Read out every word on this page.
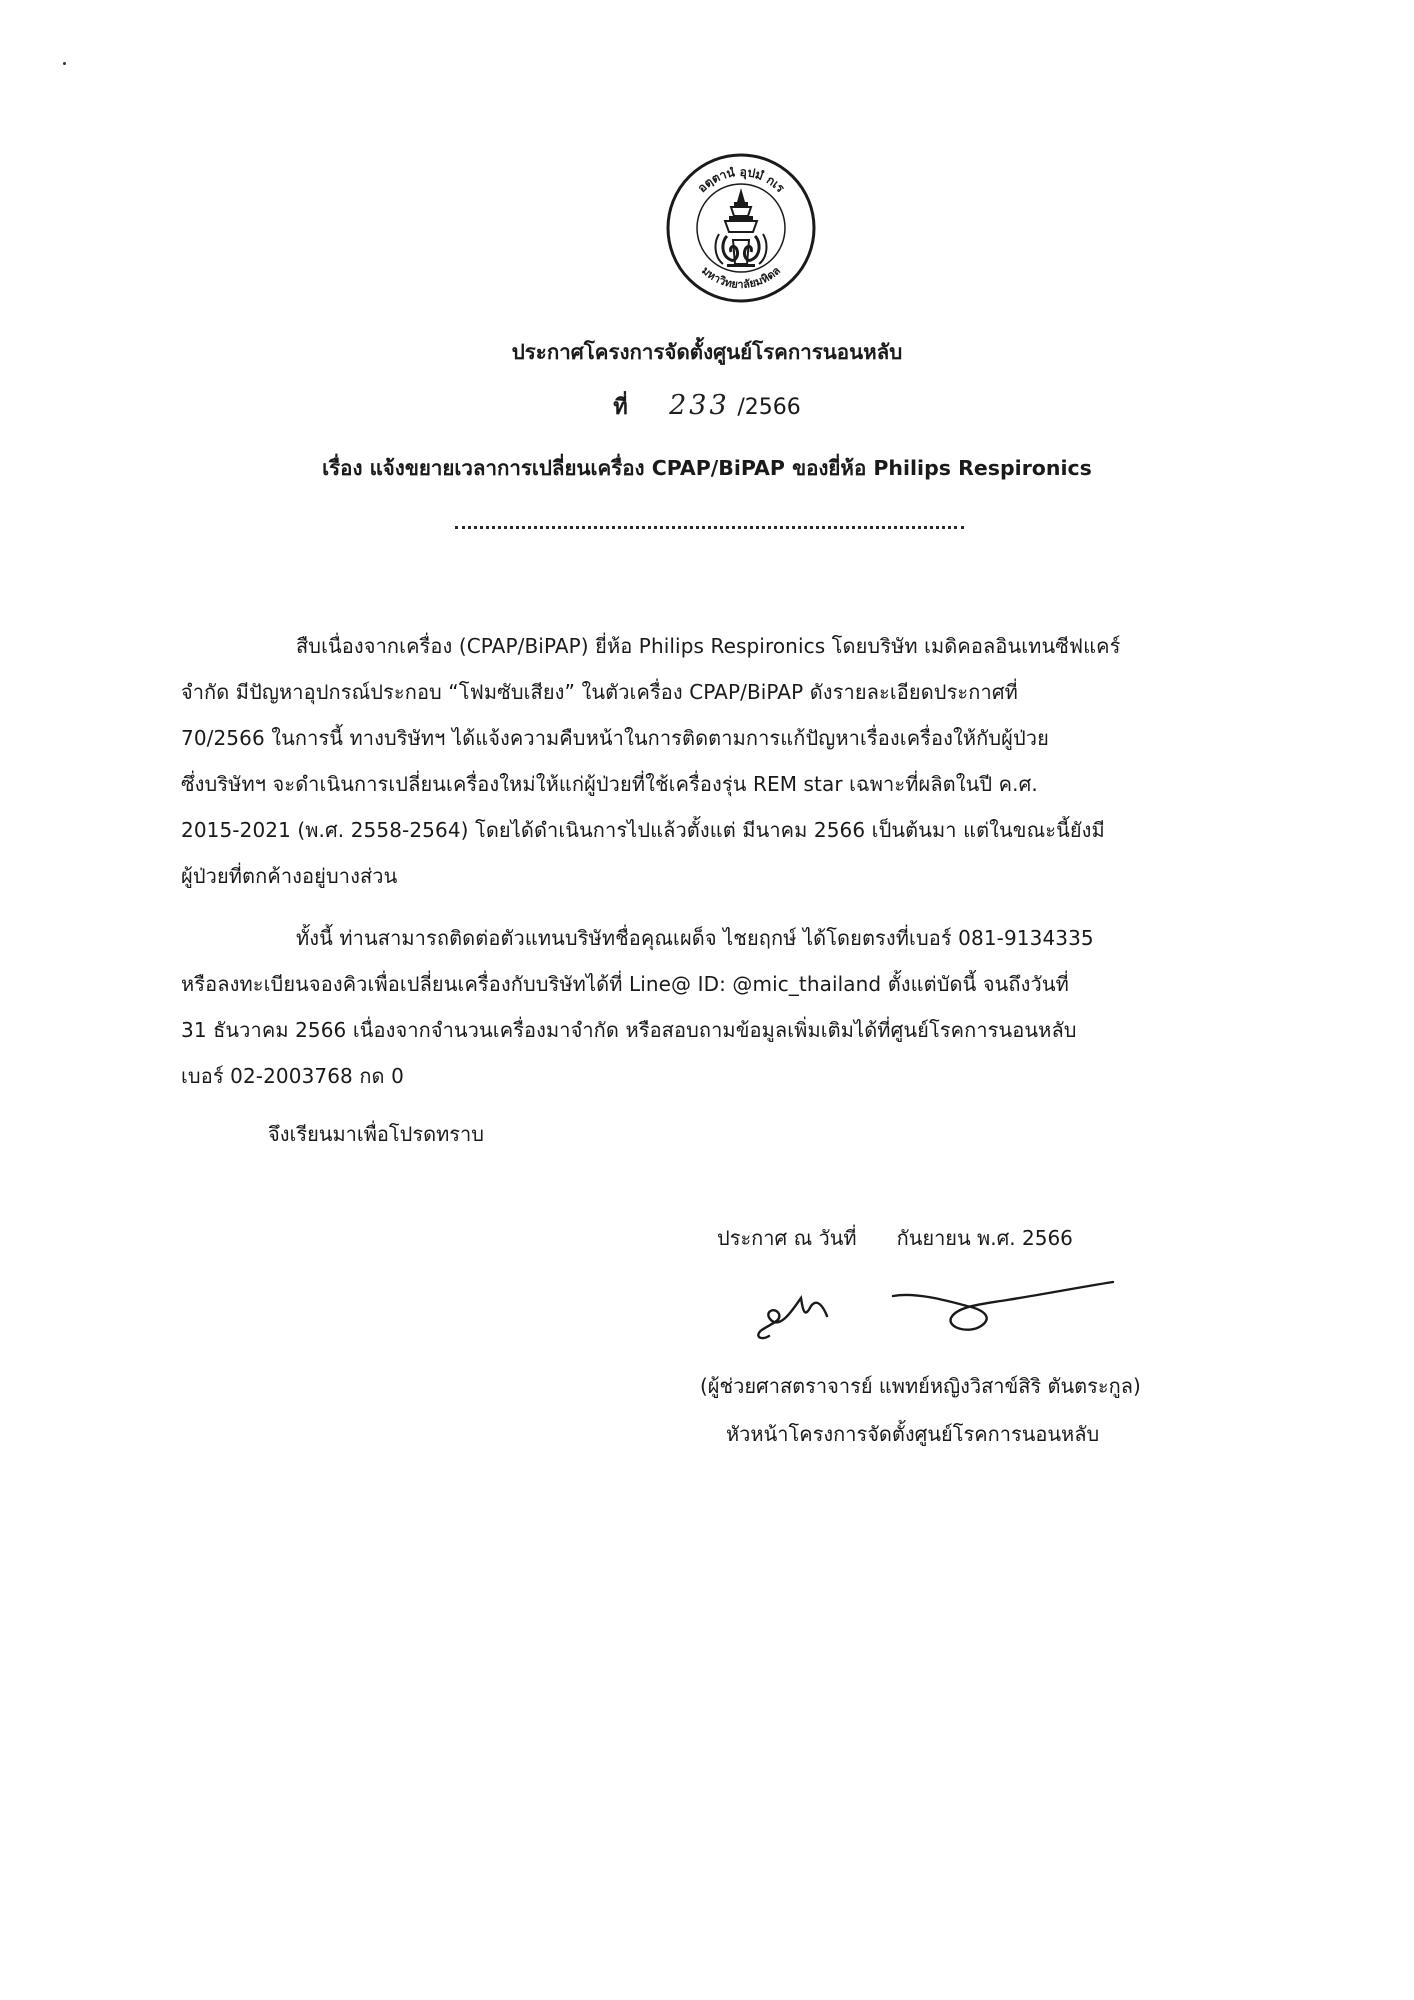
อตฺตานํ อุปมํ กเร
มหาวิทยาลัยมหิดล
ประกาศโครงการจัดตั้งศูนย์โรคการนอนหลับ
ที่ 233 /2566
เรื่อง แจ้งขยายเวลาการเปลี่ยนเครื่อง CPAP/BiPAP ของยี่ห้อ Philips Respironics
สืบเนื่องจากเครื่อง (CPAP/BiPAP) ยี่ห้อ Philips Respironics โดยบริษัท เมดิคอลอินเทนซีฟแคร์
จำกัด มีปัญหาอุปกรณ์ประกอบ “โฟมซับเสียง” ในตัวเครื่อง CPAP/BiPAP ดังรายละเอียดประกาศที่
70/2566 ในการนี้ ทางบริษัทฯ ได้แจ้งความคืบหน้าในการติดตามการแก้ปัญหาเรื่องเครื่องให้กับผู้ป่วย
ซึ่งบริษัทฯ จะดำเนินการเปลี่ยนเครื่องใหม่ให้แก่ผู้ป่วยที่ใช้เครื่องรุ่น REM star เฉพาะที่ผลิตในปี ค.ศ.
2015-2021 (พ.ศ. 2558-2564) โดยได้ดำเนินการไปแล้วตั้งแต่ มีนาคม 2566 เป็นต้นมา แต่ในขณะนี้ยังมี
ผู้ป่วยที่ตกค้างอยู่บางส่วน
ทั้งนี้ ท่านสามารถติดต่อตัวแทนบริษัทชื่อคุณเผด็จ ไชยฤกษ์ ได้โดยตรงที่เบอร์ 081-9134335
หรือลงทะเบียนจองคิวเพื่อเปลี่ยนเครื่องกับบริษัทได้ที่ Line@ ID: @mic_thailand ตั้งแต่บัดนี้ จนถึงวันที่
31 ธันวาคม 2566 เนื่องจากจำนวนเครื่องมาจำกัด หรือสอบถามข้อมูลเพิ่มเติมได้ที่ศูนย์โรคการนอนหลับ
เบอร์ 02-2003768 กด 0
จึงเรียนมาเพื่อโปรดทราบ
ประกาศ ณ วันที่ กันยายน พ.ศ. 2566
(ผู้ช่วยศาสตราจารย์ แพทย์หญิงวิสาข์สิริ ตันตระกูล)
หัวหน้าโครงการจัดตั้งศูนย์โรคการนอนหลับ
